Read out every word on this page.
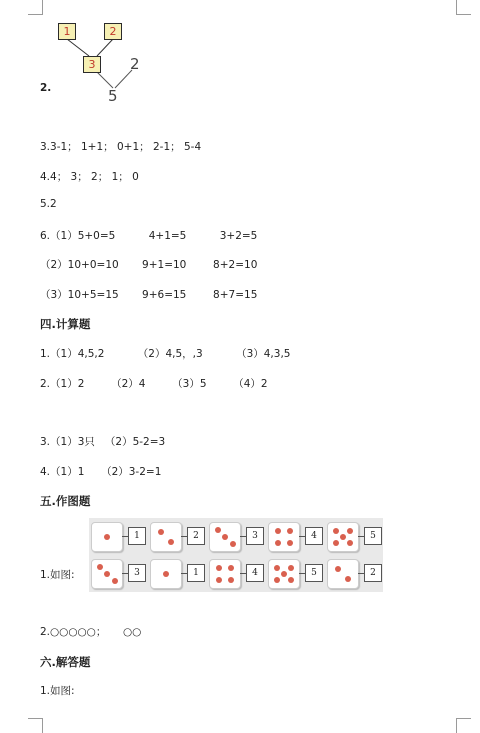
1	2
3	2
5
2.
3.3-1； 1+1； 0+1； 2-1； 5-4
4.4； 3； 2； 1； 0
5.2
6.（1）5+0=5          4+1=5          3+2=5
（2）10+0=10       9+1=10        8+2=10
（3）10+5=15       9+6=15        8+7=15
四.计算题
1.（1）4,5,2          （2）4,5，,3          （3）4,3,5
2.（1）2        （2）4        （3）5        （4）2
3.（1）3只   （2）5-2=3
4.（1）1     （2）3-2=1
五.作图题
1	2	3	4	5
3	1	4	5	2
1.如图:
2.○○○○○；     ○○
六.解答题
1.如图:
